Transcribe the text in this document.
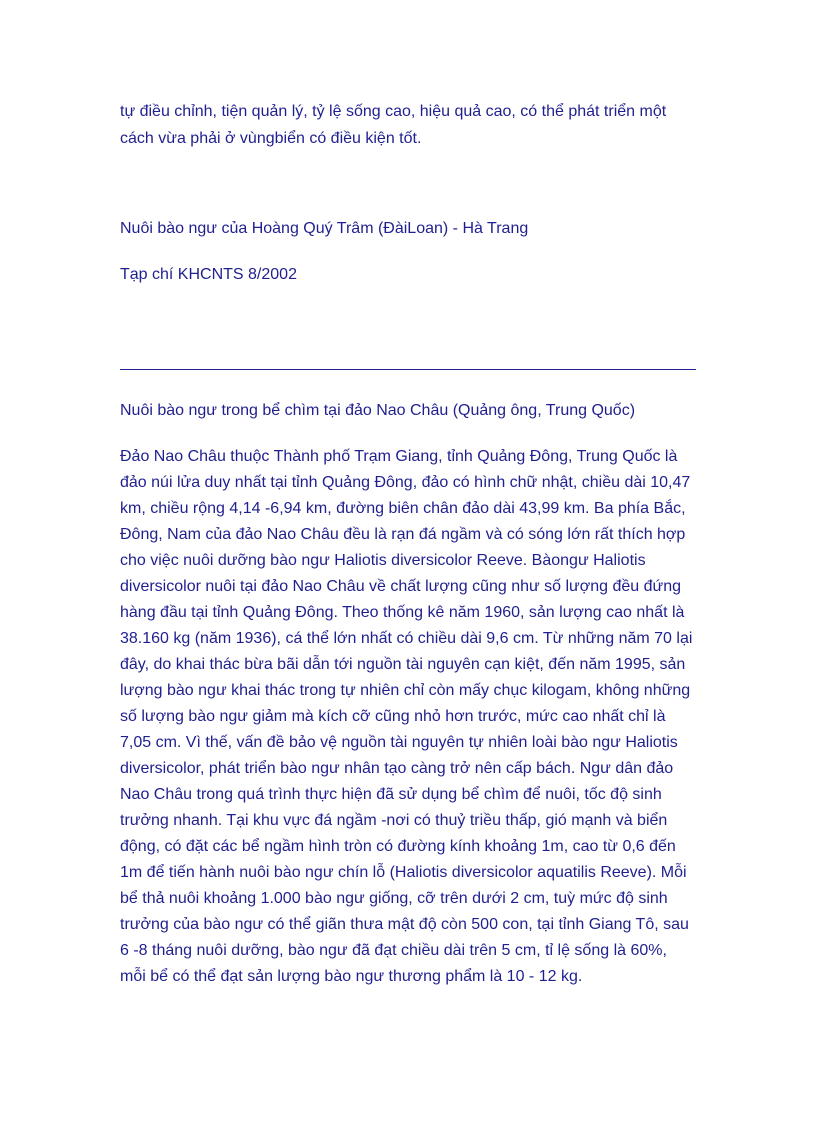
tự điều chỉnh, tiện quản lý, tỷ lệ sống cao, hiệu quả cao, có thể phát triển một
cách vừa phải ở vùngbiển có điều kiện tốt.
Nuôi bào ngư của Hoàng Quý Trâm (ĐàiLoan) - Hà Trang
Tạp chí KHCNTS 8/2002
Nuôi bào ngư trong bể chìm tại đảo Nao Châu (Quảng ông, Trung Quốc)
Đảo Nao Châu thuộc Thành phố Trạm Giang, tỉnh Quảng Đông, Trung Quốc là
đảo núi lửa duy nhất tại tỉnh Quảng Đông, đảo có hình chữ nhật, chiều dài 10,47
km, chiều rộng 4,14 -6,94 km, đường biên chân đảo dài 43,99 km. Ba phía Bắc,
Đông, Nam của đảo Nao Châu đều là rạn đá ngầm và có sóng lớn rất thích hợp
cho việc nuôi dưỡng bào ngư Haliotis diversicolor Reeve. Bàongư Haliotis
diversicolor nuôi tại đảo Nao Châu về chất lượng cũng như số lượng đều đứng
hàng đầu tại tỉnh Quảng Đông. Theo thống kê năm 1960, sản lượng cao nhất là
38.160 kg (năm 1936), cá thể lớn nhất có chiều dài 9,6 cm. Từ những năm 70 lại
đây, do khai thác bừa bãi dẫn tới nguồn tài nguyên cạn kiệt, đến năm 1995, sản
lượng bào ngư khai thác trong tự nhiên chỉ còn mấy chục kilogam, không những
số lượng bào ngư giảm mà kích cỡ cũng nhỏ hơn trước, mức cao nhất chỉ là
7,05 cm. Vì thế, vấn đề bảo vệ nguồn tài nguyên tự nhiên loài bào ngư Haliotis
diversicolor, phát triển bào ngư nhân tạo càng trở nên cấp bách. Ngư dân đảo
Nao Châu trong quá trình thực hiện đã sử dụng bể chìm để nuôi, tốc độ sinh
trưởng nhanh. Tại khu vực đá ngầm -nơi có thuỷ triều thấp, gió mạnh và biển
động, có đặt các bể ngầm hình tròn có đường kính khoảng 1m, cao từ 0,6 đến
1m để tiến hành nuôi bào ngư chín lỗ (Haliotis diversicolor aquatilis Reeve). Mỗi
bể thả nuôi khoảng 1.000 bào ngư giống, cỡ trên dưới 2 cm, tuỳ mức độ sinh
trưởng của bào ngư có thể giãn thưa mật độ còn 500 con, tại tỉnh Giang Tô, sau
6 -8 tháng nuôi dưỡng, bào ngư đã đạt chiều dài trên 5 cm, tỉ lệ sống là 60%,
mỗi bể có thể đạt sản lượng bào ngư thương phẩm là 10 - 12 kg.
